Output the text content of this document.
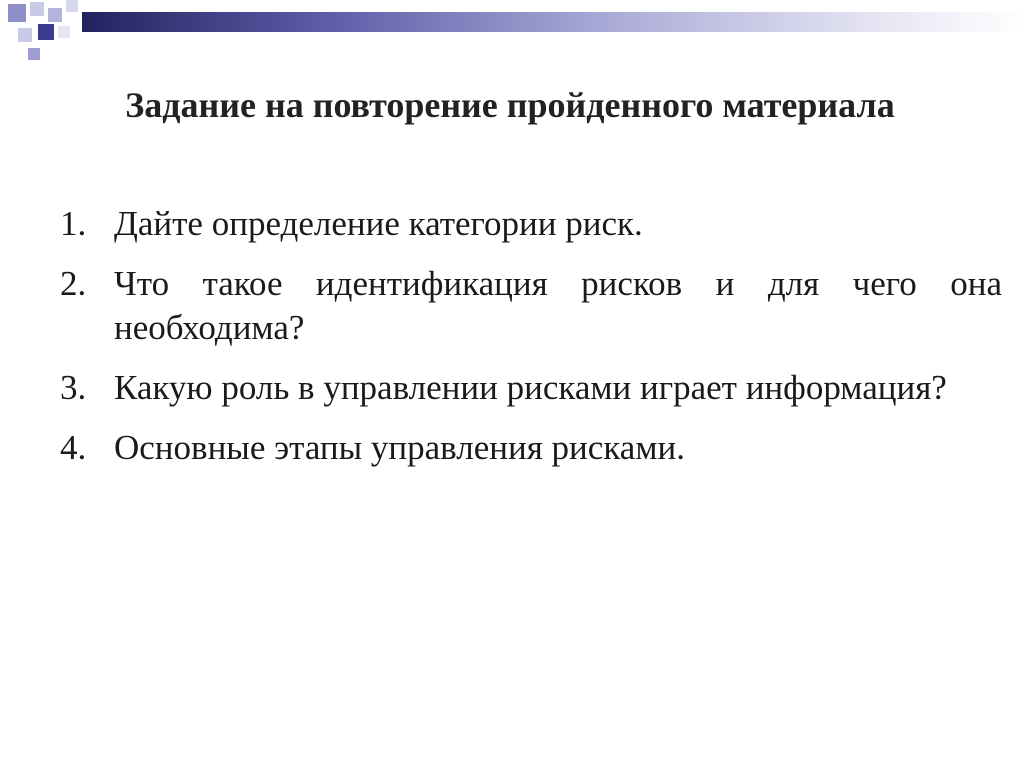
Задание на повторение пройденного материала
1. Дайте определение категории риск.
2. Что такое идентификация рисков и для чего она необходима?
3. Какую роль в управлении рисками играет информация?
4. Основные этапы управления рисками.
